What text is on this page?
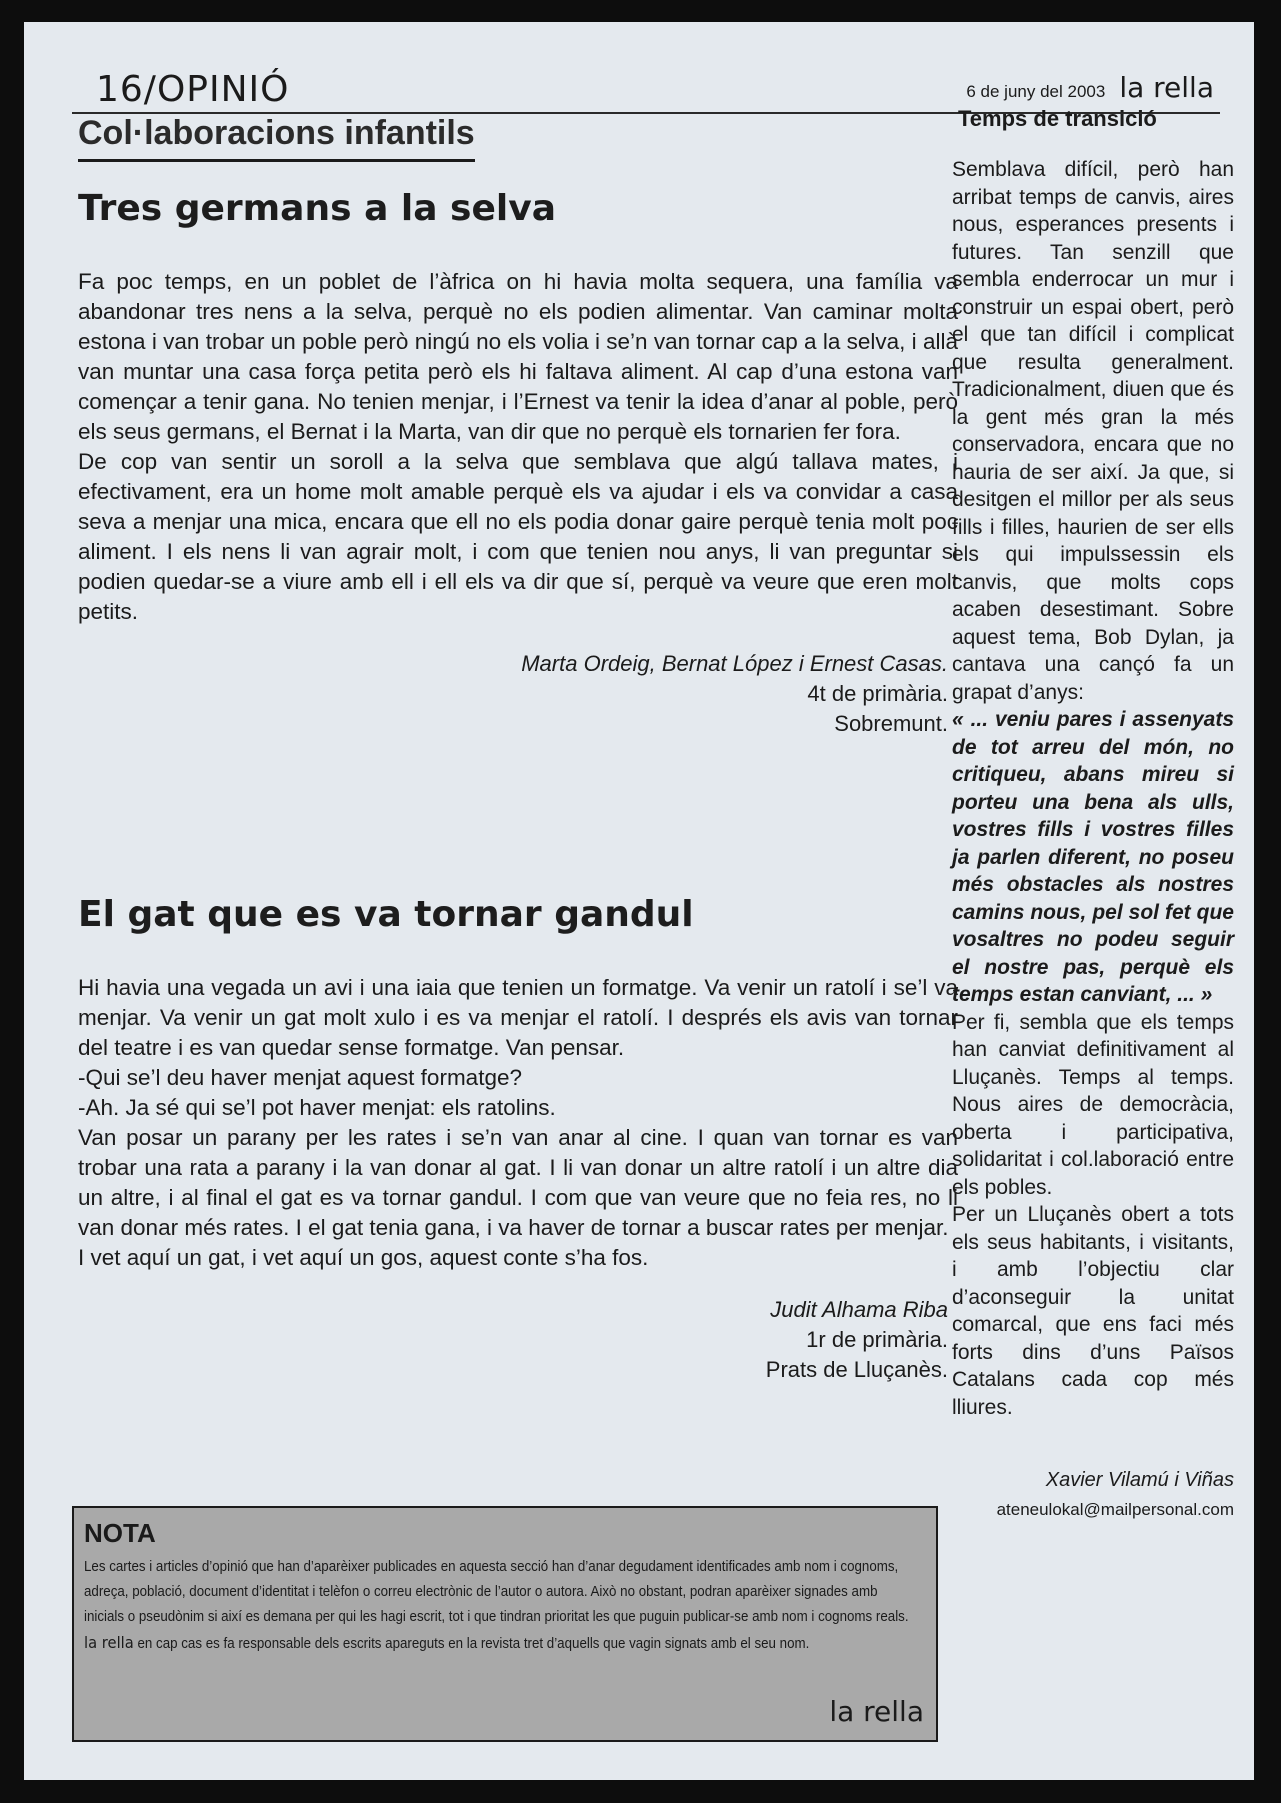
16/OPINIÓ	6 de juny del 2003 la rella
Col·laboracions infantils
Tres germans a la selva

Fa poc temps, en un poblet de l’àfrica on hi havia molta sequera, una família va abandonar tres nens a la selva, perquè no els podien alimentar. Van caminar molta estona i van trobar un poble però ningú no els volia i se’n van tornar cap a la selva, i allà van muntar una casa força petita però els hi faltava aliment. Al cap d’una estona van començar a tenir gana. No tenien menjar, i l’Ernest va tenir la idea d’anar al poble, però els seus germans, el Bernat i la Marta, van dir que no perquè els tornarien fer fora.

De cop van sentir un soroll a la selva que semblava que algú tallava mates, i efectivament, era un home molt amable perquè els va ajudar i els va convidar a casa seva a menjar una mica, encara que ell no els podia donar gaire perquè tenia molt poc aliment. I els nens li van agrair molt, i com que tenien nou anys, li van preguntar si podien quedar-se a viure amb ell i ell els va dir que sí, perquè va veure que eren molt petits.

Marta Ordeig, Bernat López i Ernest Casas.
4t de primària.
Sobremunt.
El gat que es va tornar gandul

Hi havia una vegada un avi i una iaia que tenien un formatge. Va venir un ratolí i se’l va menjar. Va venir un gat molt xulo i es va menjar el ratolí. I després els avis van tornar del teatre i es van quedar sense formatge. Van pensar.

-Qui se’l deu haver menjat aquest formatge?

-Ah. Ja sé qui se’l pot haver menjat: els ratolins.

Van posar un parany per les rates i se’n van anar al cine. I quan van tornar es van trobar una rata a parany i la van donar al gat. I li van donar un altre ratolí i un altre dia un altre, i al final el gat es va tornar gandul. I com que van veure que no feia res, no li van donar més rates. I el gat tenia gana, i va haver de tornar a buscar rates per menjar.

I vet aquí un gat, i vet aquí un gos, aquest conte s’ha fos.

Judit Alhama Riba
1r de primària.
Prats de Lluçanès.
NOTA
Les cartes i articles d’opinió que han d’aparèixer publicades en aquesta secció han d’anar degudament identificades amb nom i cognoms, adreça, població, document d’identitat i telèfon o correu electrònic de l’autor o autora. Això no obstant, podran aparèixer signades amb inicials o pseudònim si així es demana per qui les hagi escrit, tot i que tindran prioritat les que puguin publicar-se amb nom i cognoms reals. la rella en cap cas es fa responsable dels escrits apareguts en la revista tret d’aquells que vagin signats amb el seu nom.
la rella
Temps de transició

Semblava difícil, però han arribat temps de canvis, aires nous, esperances presents i futures. Tan senzill que sembla enderrocar un mur i construir un espai obert, però el que tan difícil i complicat que resulta generalment. Tradicionalment, diuen que és la gent més gran la més conservadora, encara que no hauria de ser així. Ja que, si desitgen el millor per als seus fills i filles, haurien de ser ells els qui impulssessin els canvis, que molts cops acaben desestimant. Sobre aquest tema, Bob Dylan, ja cantava una cançó fa un grapat d’anys:

« ... veniu pares i assenyats de tot arreu del món, no critiqueu, abans mireu si porteu una bena als ulls, vostres fills i vostres filles ja parlen diferent, no poseu més obstacles als nostres camins nous, pel sol fet que vosaltres no podeu seguir el nostre pas, perquè els temps estan canviant, ... »

Per fi, sembla que els temps han canviat definitivament al Lluçanès. Temps al temps. Nous aires de democràcia, oberta i participativa, solidaritat i col.laboració entre els pobles.

Per un Lluçanès obert a tots els seus habitants, i visitants, i amb l’objectiu clar d’aconseguir la unitat comarcal, que ens faci més forts dins d’uns Països Catalans cada cop més lliures.

Xavier Vilamú i Viñas
ateneulokal@mailpersonal.com
